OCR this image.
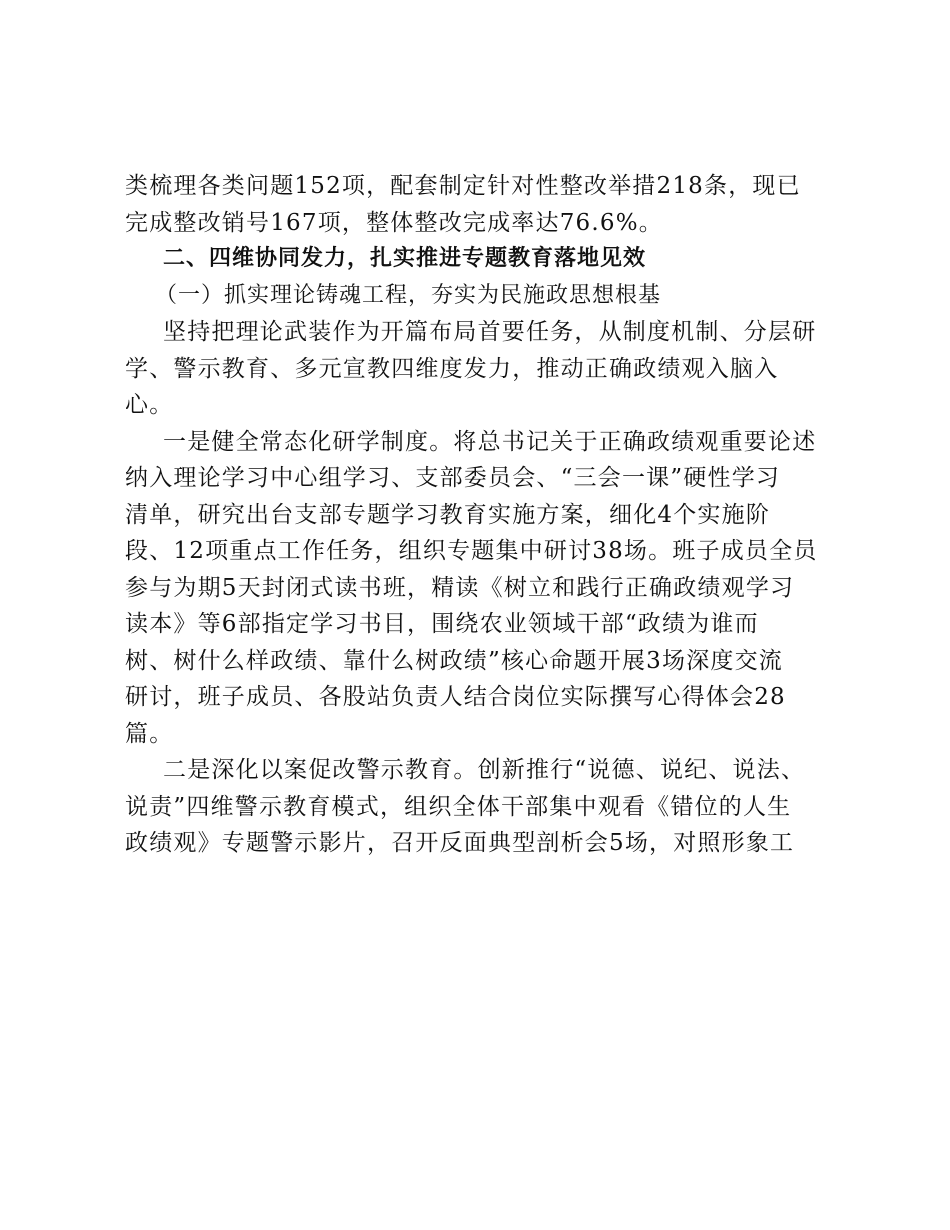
类梳理各类问题152项，配套制定针对性整改举措218条，现已
完成整改销号167项，整体整改完成率达76.6%。
二、四维协同发力，扎实推进专题教育落地见效
（一）抓实理论铸魂工程，夯实为民施政思想根基
坚持把理论武装作为开篇布局首要任务，从制度机制、分层研
学、警示教育、多元宣教四维度发力，推动正确政绩观入脑入
心。
一是健全常态化研学制度。将总书记关于正确政绩观重要论述
纳入理论学习中心组学习、支部委员会、“三会一课”硬性学习
清单，研究出台支部专题学习教育实施方案，细化4个实施阶
段、12项重点工作任务，组织专题集中研讨38场。班子成员全员
参与为期5天封闭式读书班，精读《树立和践行正确政绩观学习
读本》等6部指定学习书目，围绕农业领域干部“政绩为谁而
树、树什么样政绩、靠什么树政绩”核心命题开展3场深度交流
研讨，班子成员、各股站负责人结合岗位实际撰写心得体会28
篇。
二是深化以案促改警示教育。创新推行“说德、说纪、说法、
说责”四维警示教育模式，组织全体干部集中观看《错位的人生
政绩观》专题警示影片，召开反面典型剖析会5场，对照形象工
